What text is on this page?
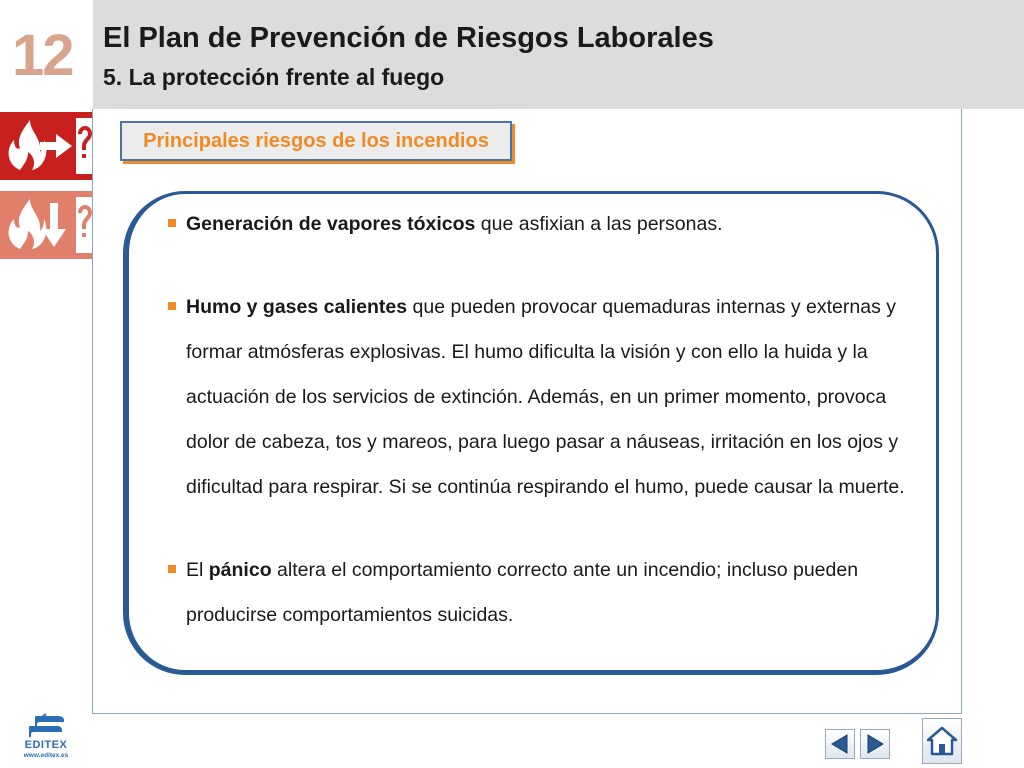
12	El Plan de Prevención de Riesgos Laborales
5. La protección frente al fuego
Principales riesgos de los incendios
Generación de vapores tóxicos que asfixian a las personas.
Humo y gases calientes que pueden provocar quemaduras internas y externas y formar atmósferas explosivas. El humo dificulta la visión y con ello la huida y la actuación de los servicios de extinción. Además, en un primer momento, provoca dolor de cabeza, tos y mareos, para luego pasar a náuseas, irritación en los ojos y dificultad para respirar. Si se continúa respirando el humo, puede causar la muerte.
El pánico altera el comportamiento correcto ante un incendio; incluso pueden producirse comportamientos suicidas.
EDITEX
www.editex.es
